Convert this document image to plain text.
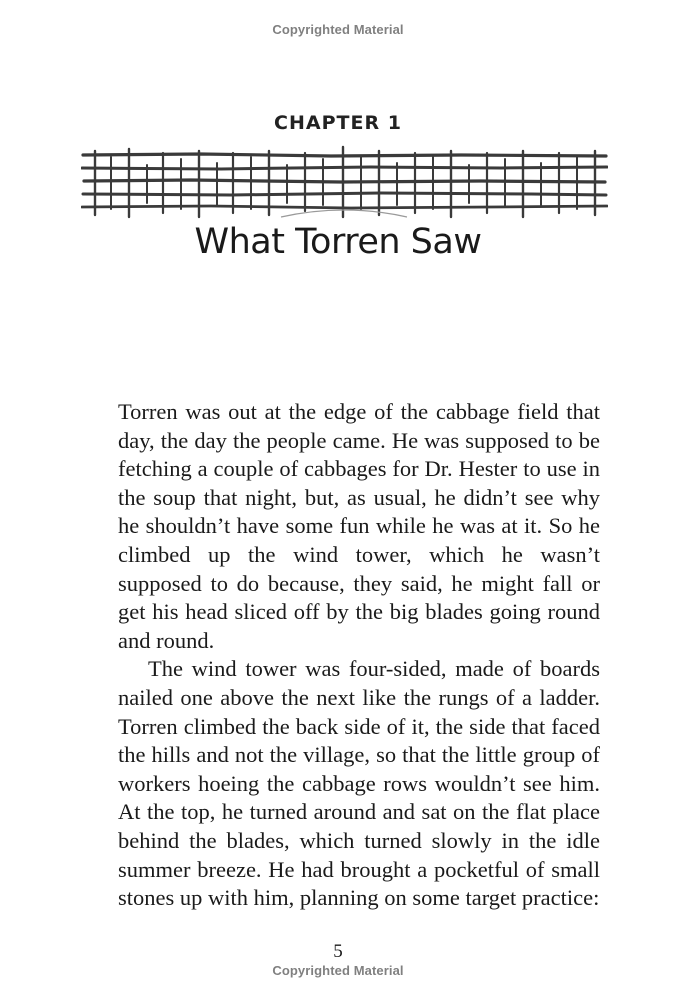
Copyrighted Material
CHAPTER 1
What Torren Saw

Torren was out at the edge of the cabbage field that day, the day the people came. He was supposed to be fetching a couple of cabbages for Dr. Hester to use in the soup that night, but, as usual, he didn’t see why he shouldn’t have some fun while he was at it. So he climbed up the wind tower, which he wasn’t supposed to do because, they said, he might fall or get his head sliced off by the big blades going round and round.

The wind tower was four-sided, made of boards nailed one above the next like the rungs of a ladder. Torren climbed the back side of it, the side that faced the hills and not the village, so that the little group of workers hoeing the cabbage rows wouldn’t see him. At the top, he turned around and sat on the flat place behind the blades, which turned slowly in the idle summer breeze. He had brought a pocketful of small stones up with him, planning on some target practice:

5
Copyrighted Material
